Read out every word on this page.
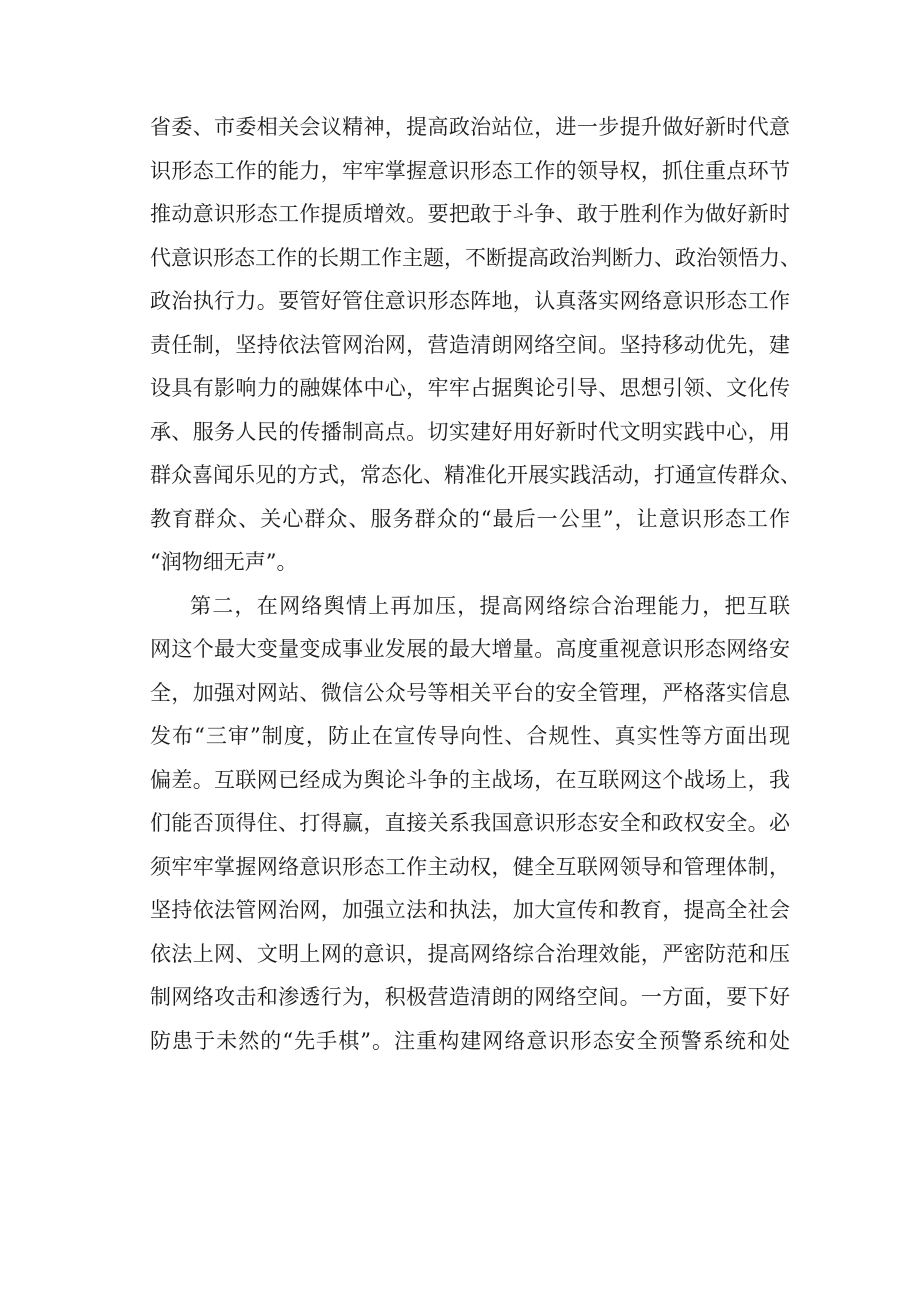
省委、市委相关会议精神，提高政治站位，进一步提升做好新时代意
识形态工作的能力，牢牢掌握意识形态工作的领导权，抓住重点环节
推动意识形态工作提质增效。要把敢于斗争、敢于胜利作为做好新时
代意识形态工作的长期工作主题，不断提高政治判断力、政治领悟力、
政治执行力。要管好管住意识形态阵地，认真落实网络意识形态工作
责任制，坚持依法管网治网，营造清朗网络空间。坚持移动优先，建
设具有影响力的融媒体中心，牢牢占据舆论引导、思想引领、文化传
承、服务人民的传播制高点。切实建好用好新时代文明实践中心，用
群众喜闻乐见的方式，常态化、精准化开展实践活动，打通宣传群众、
教育群众、关心群众、服务群众的“最后一公里”，让意识形态工作
“润物细无声”。
第二，在网络舆情上再加压，提高网络综合治理能力，把互联
网这个最大变量变成事业发展的最大增量。高度重视意识形态网络安
全，加强对网站、微信公众号等相关平台的安全管理，严格落实信息
发布“三审”制度，防止在宣传导向性、合规性、真实性等方面出现
偏差。互联网已经成为舆论斗争的主战场，在互联网这个战场上，我
们能否顶得住、打得赢，直接关系我国意识形态安全和政权安全。必
须牢牢掌握网络意识形态工作主动权，健全互联网领导和管理体制，
坚持依法管网治网，加强立法和执法，加大宣传和教育，提高全社会
依法上网、文明上网的意识，提高网络综合治理效能，严密防范和压
制网络攻击和渗透行为，积极营造清朗的网络空间。一方面，要下好
防患于未然的“先手棋”。注重构建网络意识形态安全预警系统和处
